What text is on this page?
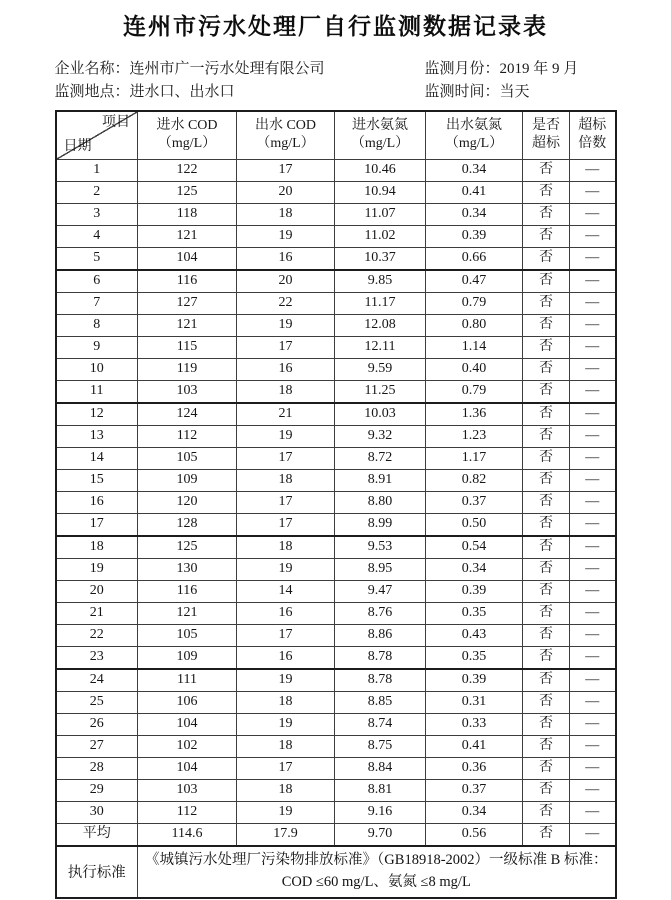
连州市污水处理厂自行监测数据记录表
企业名称：连州市广一污水处理有限公司	监测月份：2019 年 9 月
监测地点：进水口、出水口	监测时间：当天
项目
日期

进水 COD
（mg/L）

出水 COD
（mg/L）

进水氨氮
（mg/L）

出水氨氮
（mg/L）

是否
超标

超标
倍数

1	122	17	10.46	0.34	否	—
2	125	20	10.94	0.41	否	—
3	118	18	11.07	0.34	否	—
4	121	19	11.02	0.39	否	—
5	104	16	10.37	0.66	否	—
6	116	20	9.85	0.47	否	—
7	127	22	11.17	0.79	否	—
8	121	19	12.08	0.80	否	—
9	115	17	12.11	1.14	否	—
10	119	16	9.59	0.40	否	—
11	103	18	11.25	0.79	否	—
12	124	21	10.03	1.36	否	—
13	112	19	9.32	1.23	否	—
14	105	17	8.72	1.17	否	—
15	109	18	8.91	0.82	否	—
16	120	17	8.80	0.37	否	—
17	128	17	8.99	0.50	否	—
18	125	18	9.53	0.54	否	—
19	130	19	8.95	0.34	否	—
20	116	14	9.47	0.39	否	—
21	121	16	8.76	0.35	否	—
22	105	17	8.86	0.43	否	—
23	109	16	8.78	0.35	否	—
24	111	19	8.78	0.39	否	—
25	106	18	8.85	0.31	否	—
26	104	19	8.74	0.33	否	—
27	102	18	8.75	0.41	否	—
28	104	17	8.84	0.36	否	—
29	103	18	8.81	0.37	否	—
30	112	19	9.16	0.34	否	—
平均	114.6	17.9	9.70	0.56	否	—
执行标准	《城镇污水处理厂污染物排放标准》（GB18918-2002）一级标准 B 标准：COD ≤60 mg/L、氨氮 ≤8 mg/L					
